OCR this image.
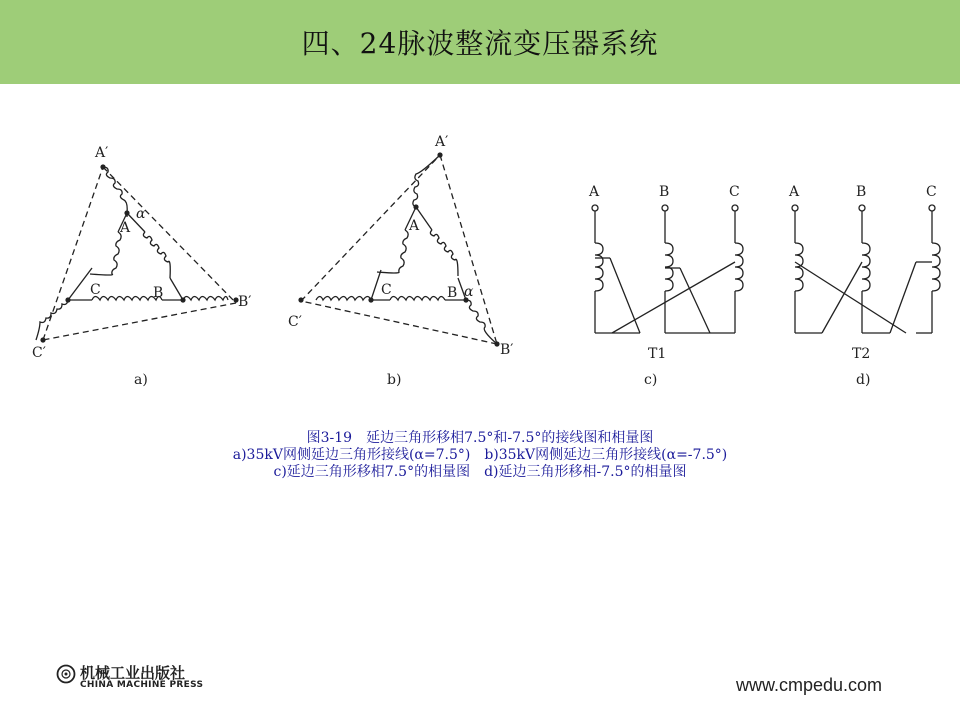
四、24脉波整流变压器系统
A′
B′
C′
A
B
C
α
a)
A′
B′
C′
A
B
C	α
b)
A	B	C
T1
c)
A	B	C
T2
d)
图3-19　延边三角形移相7.5°和-7.5°的接线图和相量图
a)35kV网侧延边三角形接线(α=7.5°)　b)35kV网侧延边三角形接线(α=-7.5°)
c)延边三角形移相7.5°的相量图　d)延边三角形移相-7.5°的相量图
机械工业出版社
CHINA MACHINE PRESS	www.cmpedu.com
